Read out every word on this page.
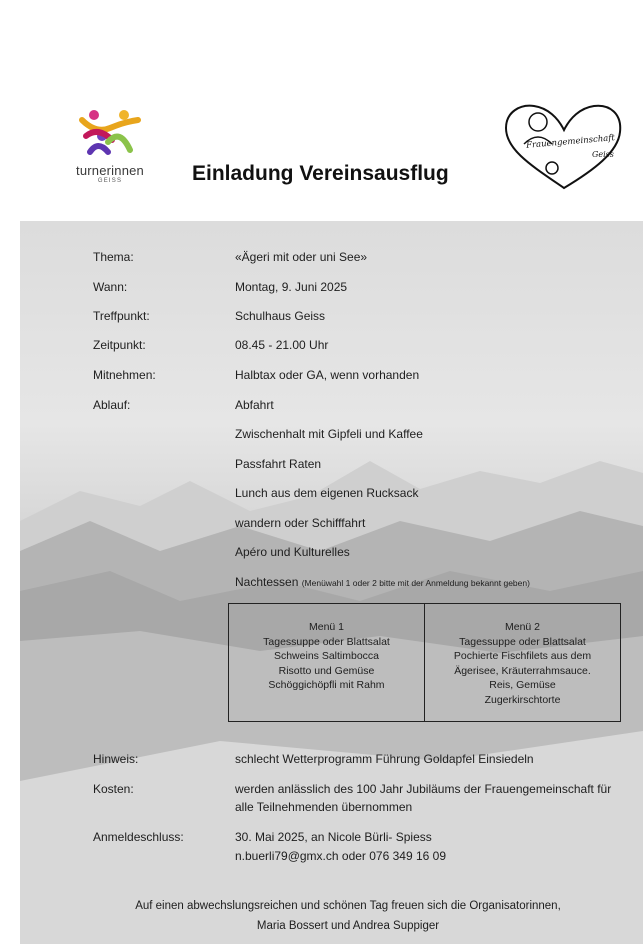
turnerinnen
GEISS	Einladung Vereinsausflug
Frauengemeinschaft
Geiss
Thema:	«Ägeri mit oder uni See»
Wann:	Montag, 9. Juni 2025
Treffpunkt:	Schulhaus Geiss
Zeitpunkt:	08.45 - 21.00 Uhr
Mitnehmen:	Halbtax oder GA, wenn vorhanden
Ablauf:	Abfahrt
Zwischenhalt mit Gipfeli und Kaffee
Passfahrt Raten
Lunch aus dem eigenen Rucksack
wandern oder Schifffahrt
Apéro und Kulturelles
Nachtessen (Menüwahl 1 oder 2 bitte mit der Anmeldung bekannt geben)
Menü 1
Tagessuppe oder Blattsalat
Schweins Saltimbocca
Risotto und Gemüse
Schöggichöpfli mit Rahm
Menü 2
Tagessuppe oder Blattsalat
Pochierte Fischfilets aus dem
Ägerisee, Kräuterrahmsauce.
Reis, Gemüse
Zugerkirschtorte
Hinweis:	schlecht Wetterprogramm Führung Goldapfel Einsiedeln
Kosten:	werden anlässlich des 100 Jahr Jubiläums der Frauengemeinschaft für
alle Teilnehmenden übernommen
Anmeldeschluss:	30. Mai 2025, an Nicole Bürli- Spiess
n.buerli79@gmx.ch oder 076 349 16 09
Auf einen abwechslungsreichen und schönen Tag freuen sich die Organisatorinnen,
Maria Bossert und Andrea Suppiger
